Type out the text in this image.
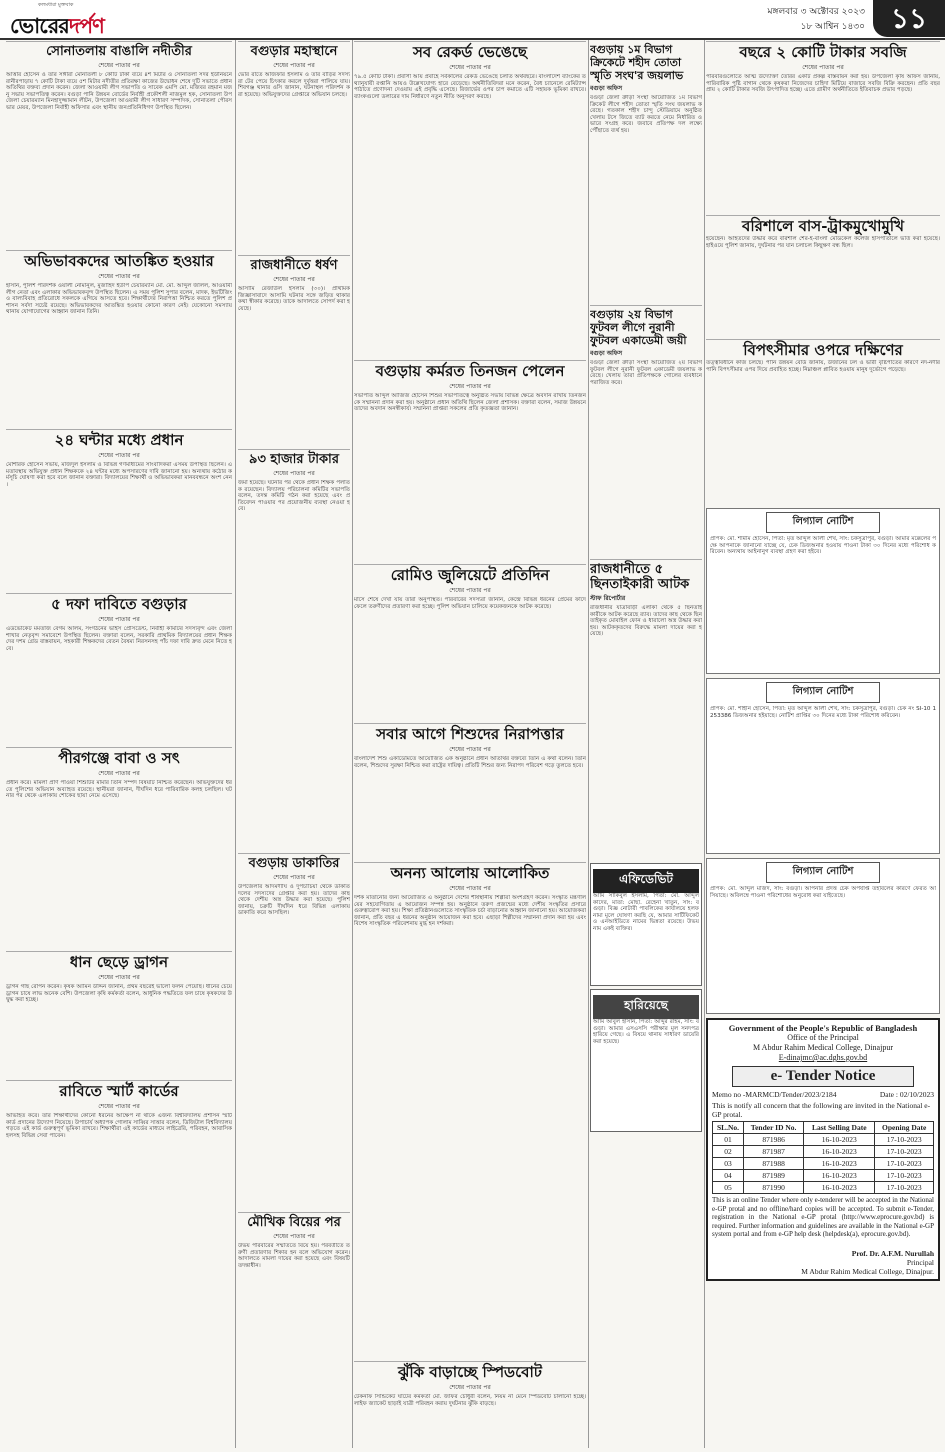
কলমধারা মুক্তবাক
ভোরেরদর্পণ
মঙ্গলবার ৩ অক্টোবর ২০২৩
১৮ আশ্বিন ১৪৩০ ১১
সোনাতলায় বাঙালি নদীতীর
শেষের পাতার পর
আত্তার হোসেন ও তার সঙ্গীরা মোনাতলী ৮ কোটি টাকা ব্যয়ে ৪শ মিটার ও সোনাতলা সদর ইউনিয়নে রানীরপাড়ায় ৭ কোটি টাকা ব্যয়ে ৫শ মিটার নদীতীর প্রতিরক্ষা কাজের উদ্বোধন শেষে দুটি সভাতে প্রধান অতিথির বক্তব্য প্রদান করেন। জেলা আওয়ামী লীগ সভাপতি ও সাবেক এমপি মো. মজিবর রহমান মজনু সভায় সভাপতিত্ব করেন। বগুড়া পানি উন্নয়ন বোর্ডের নির্বাহী প্রকৌশলী নাজমুল হক, সোনাতলা উপজেলা চেয়ারম্যান মিনহাদুজ্জামান লীটন, উপজেলা আওয়ামী লীগ সাধারণ সম্পাদক, সোনাতলা পৌরসভার মেয়র, উপজেলা নির্বাহী অফিসার এবং স্থানীয় জনপ্রতিনিধিগণ উপস্থিত ছিলেন।
অভিভাবকদের আতঙ্কিত হওয়ার
শেষের পাতার পর
হাসান, পুলিশ পরিদর্শক ওয়ালী নোমানুল, মুজাহিদ ইউপি চেয়ারম্যান মো. মো. আব্দুল জলিল, আওয়ামী লীগ নেতা এবং এলাকার অভিভাবকবৃন্দ উপস্থিত ছিলেন। এ সময় পুলিশ সুপার বলেন, মাদক, ইভটিজিং ও বাল্যবিবাহ প্রতিরোধে সকলকে এগিয়ে আসতে হবে। শিক্ষার্থীদের নিরাপত্তা নিশ্চিত করতে পুলিশ প্রশাসন সর্বদা সচেষ্ট রয়েছে। অভিভাবকদের আতঙ্কিত হওয়ার কোনো কারণ নেই। যেকোনো সমস্যায় থানায় যোগাযোগের আহ্বান জানান তিনি।
২৪ ঘন্টার মধ্যে প্রধান
শেষের পাতার পর
মোশারফ হোসেন সভায়, মজিদুল ইসলাম ও বিভিন্ন গণমাধ্যমের সাংবাদিকরা এসময় উপস্থিত ছিলেন। এমতাবস্থায় অভিযুক্ত প্রধান শিক্ষককে ২৪ ঘন্টার মধ্যে অপসারণের দাবি জানানো হয়। অন্যথায় কঠোর কর্মসূচি ঘোষণা করা হবে বলে জানান বক্তারা। বিদ্যালয়ের শিক্ষার্থী ও অভিভাবকরা মানববন্ধনে অংশ নেন।
৫ দফা দাবিতে বগুড়ার
শেষের পাতার পর
এডভোকেট মমতাজ বেগম আলম, সংগঠনের ভাইস প্রেসিডেন্ট, নির্বাহী কমিটির সদস্যবৃন্দ এবং জেলা শাখার নেতৃবৃন্দ সমাবেশে উপস্থিত ছিলেন। বক্তারা বলেন, সরকারি প্রাথমিক বিদ্যালয়ের প্রধান শিক্ষকদের দশম গ্রেড বাস্তবায়ন, সহকারী শিক্ষকদের বেতন বৈষম্য নিরসনসহ পাঁচ দফা দাবি দ্রুত মেনে নিতে হবে।
পীরগঞ্জে বাবা ও সৎ
শেষের পাতার পর
প্রধান করে। মামলা প্রাণ পাওয়া শিশুটির মামার তিনি সম্পদ বিষয়টি নিশ্চিত করেছেন। অভিযুক্তদের ধরতে পুলিশের অভিযান অব্যাহত রয়েছে। স্থানীয়রা জানান, দীর্ঘদিন ধরে পারিবারিক কলহ চলছিল। ঘটনার পর থেকে এলাকায় শোকের ছায়া নেমে এসেছে।
ধান ছেড়ে ড্রাগন
শেষের পাতার পর
ড্রাগন গাছ রোপন করেন। কৃষক আমিন উদ্দিন জানান, প্রথম বছরেই ভালো ফলন পেয়েছি। ধানের চেয়ে ড্রাগন চাষে লাভ অনেক বেশি। উপজেলা কৃষি কর্মকর্তা বলেন, আধুনিক পদ্ধতিতে ফল চাষে কৃষকদের উদ্বুদ্ধ করা হচ্ছে।
রাবিতে স্মার্ট কার্ডের
শেষের পাতার পর
অভিহিত করে। তার শিক্ষার্থীদের কোনো ধরনের আক্ষেপ না থাকে এজন্য বিশ্ববিদ্যালয় প্রশাসন স্মার্ট কার্ড প্রদানের উদ্যোগ নিয়েছে। উপাচার্য অধ্যাপক গোলাম সাব্বির সাত্তার বলেন, ডিজিটাল বিশ্ববিদ্যালয় গড়তে এই কার্ড গুরুত্বপূর্ণ ভূমিকা রাখবে। শিক্ষার্থীরা এই কার্ডের মাধ্যমে লাইব্রেরি, পরিবহন, আবাসিক হলসহ বিভিন্ন সেবা পাবেন।
বগুড়ার মহাস্থানে
শেষের পাতার পর
ভোর রাতে অজিফার ইসলাম ও তার বাড়ির সদস্যরা টের পেয়ে চিৎকার করলে দুর্বৃত্তরা পালিয়ে যায়। শিবগঞ্জ থানার ওসি জানান, ঘটনাস্থল পরিদর্শন করা হয়েছে। অভিযুক্তদের গ্রেপ্তারে অভিযান চলছে।
রাজধানীতে ধর্ষণ
শেষের পাতার পর
আসামি রেজাউল ইসলাম (৩০)। প্রাথমিক জিজ্ঞাসাবাদে আসামি ঘটনার সঙ্গে জড়িত থাকার কথা স্বীকার করেছে। তাকে আদালতে সোপর্দ করা হয়েছে।
৯৩ হাজার টাকার
শেষের পাতার পর
জমা হয়েছে। ঘটনার পর থেকে প্রধান শিক্ষক পলাতক রয়েছেন। বিদ্যালয় পরিচালনা কমিটির সভাপতি বলেন, তদন্ত কমিটি গঠন করা হয়েছে এবং প্রতিবেদন পাওয়ার পর প্রয়োজনীয় ব্যবস্থা নেওয়া হবে।
বগুড়ায় ডাকাতির
শেষের পাতার পর
উপজেলার আদমদীঘি ও দুপচাঁচিয়া থেকে ডাকাত দলের সদস্যদের গ্রেপ্তার করা হয়। তাদের কাছ থেকে দেশীয় অস্ত্র উদ্ধার করা হয়েছে। পুলিশ জানায়, চক্রটি দীর্ঘদিন ধরে বিভিন্ন এলাকায় ডাকাতি করে আসছিল।
মৌখিক বিয়ের পর
শেষের পাতার পর
উভয় পরিবারের সম্মতিতে বিয়ে হয়। পরবর্তীতে তরুণী প্রতারণার শিকার হন বলে অভিযোগ করেন। আদালতে মামলা দায়ের করা হয়েছে এবং বিষয়টি তদন্তাধীন।
সব রেকর্ড ভেঙেছে
শেষের পাতার পর
৭৯.৫ কোটি টাকা। প্রবাসী আয় প্রবাহে সর্বকালের রেকর্ড ভেঙেছে চলতি অর্থবছরে। বাংলাদেশ ব্যাংকের তথ্যানুযায়ী রপ্তানি আয়ও উল্লেখযোগ্য হারে বেড়েছে। অর্থনীতিবিদরা মনে করেন, বৈধ চ্যানেলে রেমিট্যান্স পাঠাতে প্রণোদনা দেওয়ায় এই প্রবৃদ্ধি এসেছে। রিজার্ভের ওপর চাপ কমাতে এটি সহায়ক ভূমিকা রাখবে। ব্যাংকগুলো ডলারের দাম নির্ধারণে নতুন নীতি অনুসরণ করছে।
বগুড়ায় কর্মরত তিনজন পেলেন
শেষের পাতার পর
সভাপতি আব্দুল আজিজ হোসেন শিশুর সভাপতিত্বে অনুষ্ঠিত সভায় বিভিন্ন ক্ষেত্রে অবদান রাখায় তিনজনকে সম্মাননা প্রদান করা হয়। অনুষ্ঠানে প্রধান অতিথি ছিলেন জেলা প্রশাসক। বক্তারা বলেন, সমাজ উন্নয়নে তাদের অবদান অনস্বীকার্য। সম্মাননা প্রাপ্তরা সকলের প্রতি কৃতজ্ঞতা জানান।
রোমিও জুলিয়েটে প্রতিদিন
শেষের পাতার পর
মাসে শেষে দেখা যায় তারা অনুপস্থিত। পরিবারের সদস্যরা জানান, কেন্দ্রে বিভিন্ন ধরনের প্রেমের ফাঁদে ফেলে তরুণীদের প্রতারণা করা হচ্ছে। পুলিশ অভিযান চালিয়ে কয়েকজনকে আটক করেছে।
সবার আগে শিশুদের নিরাপত্তার
শেষের পাতার পর
বাংলাদেশ শিশু একাডেমিতে আয়োজিত এক অনুষ্ঠানে প্রধান অতিথির বক্তব্যে তিনি এ কথা বলেন। তিনি বলেন, শিশুদের সুরক্ষা নিশ্চিত করা রাষ্ট্রের দায়িত্ব। প্রতিটি শিশুর জন্য নিরাপদ পরিবেশ গড়ে তুলতে হবে।
অনন্য আলোয় আলোকিত
শেষের পাতার পর
দর্শক মাতানোর জন্য আয়োজিত এ অনুষ্ঠানে দেশের শীর্ষস্থানীয় শিল্পীরা অংশগ্রহণ করেন। সংস্কৃতি মন্ত্রণালয়ের সহযোগিতায় এ আয়োজন সম্পন্ন হয়। অনুষ্ঠানে তরুণ প্রজন্মের মধ্যে দেশীয় সংস্কৃতির প্রসারে গুরুত্বারোপ করা হয়। শিক্ষা প্রতিষ্ঠানগুলোতে সাংস্কৃতিক চর্চা বাড়ানোর আহ্বান জানানো হয়। আয়োজকরা জানান, প্রতি বছর এ ধরনের অনুষ্ঠান আয়োজন করা হবে। এছাড়া শিল্পীদের সম্মাননা প্রদান করা হয় এবং বিশেষ সাংস্কৃতিক পরিবেশনায় মুগ্ধ হন দর্শকরা।
ঝুঁকি বাড়াচ্ছে স্পিডবোট
শেষের পাতার পর
টেকনাফ সিন্ডিকেট ঘাটের কর্মকর্তা মো. জাফর চৌধুরী বলেন, নিয়ম না মেনে স্পিডবোট চালানো হচ্ছে। লাইফ জ্যাকেট ছাড়াই যাত্রী পরিবহন করায় দুর্ঘটনার ঝুঁকি বাড়ছে।
বগুড়ায় ১ম বিভাগ ক্রিকেটে শহীদ তোতা স্মৃতি সংঘ'র জয়লাভ
বগুড়া অফিস
বগুড়া জেলা ক্রীড়া সংস্থা আয়োজিত ১ম বিভাগ ক্রিকেট লীগে শহীদ তোতা স্মৃতি সংঘ জয়লাভ করেছে। গতকাল শহীদ চান্দু স্টেডিয়ামে অনুষ্ঠিত খেলায় টসে জিতে ব্যাট করতে নেমে নির্ধারিত ওভারে সংগ্রহ করে। জবাবে প্রতিপক্ষ দল লক্ষ্যে পৌঁছাতে ব্যর্থ হয়।
বগুড়ায় ২য় বিভাগ ফুটবল লীগে নুরানী ফুটবল একাডেমী জয়ী
বগুড়া অফিস
বগুড়া জেলা ক্রীড়া সংস্থা আয়োজিত ২য় বিভাগ ফুটবল লীগে নুরানী ফুটবল একাডেমী জয়লাভ করেছে। খেলায় তারা প্রতিপক্ষকে গোলের ব্যবধানে পরাজিত করে।
রাজধানীতে ৫ ছিনতাইকারী আটক
স্টাফ রিপোর্টার
রাজধানীর যাত্রাবাড়ী এলাকা থেকে ৫ ছিনতাইকারীকে আটক করেছে র‍্যাব। তাদের কাছ থেকে ছিনতাইকৃত মোবাইল ফোন ও ধারালো অস্ত্র উদ্ধার করা হয়। আটককৃতদের বিরুদ্ধে মামলা দায়ের করা হয়েছে।
এফিডেভিট
আমি সাকিবুল ইসলাম, পিতা: মো. আব্দুল কাদের, মাতা: মোছা. রেহেনা খাতুন, সাং: বগুড়া। বিজ্ঞ নোটারী পাবলিকের কার্যালয়ে হলফনামা মূলে ঘোষণা করছি যে, আমার সার্টিফিকেট ও এনআইডিতে নামের ভিন্নতা রয়েছে। উভয় নাম একই ব্যক্তির।
হারিয়েছে
আমি আবুল হাসান, পিতা: আব্দুর রহিম, সাং: বগুড়া। আমার এসএসসি পরীক্ষার মূল সনদপত্র হারিয়ে গেছে। এ বিষয়ে থানায় সাধারণ ডায়েরি করা হয়েছে।
বছরে ২ কোটি টাকার সবজি
শেষের পাতার পর
পরিবারগুলোতে আত্ম উদ্যোক্তা তৈরির একটি প্রকল্প বাস্তবায়ন করা হয়। উপজেলা কৃষি অফিস জানায়, পারিবারিক পুষ্টি বাগান থেকে কৃষকরা নিজেদের চাহিদা মিটিয়ে বাজারে সবজি বিক্রি করছেন। প্রতি বছর প্রায় ২ কোটি টাকার সবজি উৎপাদিত হচ্ছে। এতে গ্রামীণ অর্থনীতিতে ইতিবাচক প্রভাব পড়ছে।
বরিশালে বাস-ট্রাকমুখোমুখি
হয়েছেন। আহতদের উদ্ধার করে বরিশাল শের-ই-বাংলা মেডিকেল কলেজ হাসপাতালে ভর্তি করা হয়েছে। হাইওয়ে পুলিশ জানায়, দুর্ঘটনার পর যান চলাচল কিছুক্ষণ বন্ধ ছিল।
বিপৎসীমার ওপরে দক্ষিণের
তত্ত্বাবধানে কাজ চলছে। পানি উন্নয়ন বোর্ড জানায়, উজানের ঢল ও ভারী বৃষ্টিপাতের কারণে নদ-নদীর পানি বিপৎসীমার ওপর দিয়ে প্রবাহিত হচ্ছে। নিম্নাঞ্চল প্লাবিত হওয়ায় মানুষ দুর্ভোগে পড়েছে।
লিগ্যাল নোটিশ
প্রাপক: মো. শামীম হোসেন, পিতা: মৃত আব্দুল আলী শেখ, সাং: চকসুত্রাপুর, বগুড়া। আমার মক্কেলের পক্ষে আপনাকে জানানো যাচ্ছে যে, চেক ডিজঅনার হওয়ায় পাওনা টাকা ৩০ দিনের মধ্যে পরিশোধ করিবেন। অন্যথায় আইনানুগ ব্যবস্থা গ্রহণ করা হইবে।
লিগ্যাল নোটিশ
প্রাপক: মো. শাহীন হোসেন, পিতা: মৃত আব্দুল আলী শেখ, সাং: চকসুত্রাপুর, বগুড়া। চেক নং SI-10 1253386 ডিজঅনার হইয়াছে। নোটিশ প্রাপ্তির ৩০ দিনের মধ্যে টাকা পরিশোধ করিবেন।
লিগ্যাল নোটিশ
প্রাপক: মো. আব্দুল মজিদ, সাং: বগুড়া। আপনার প্রদত্ত চেক অপর্যাপ্ত তহবিলের কারণে ফেরত আসিয়াছে। অবিলম্বে পাওনা পরিশোধের অনুরোধ করা যাইতেছে।
Government of the People's Republic of Bangladesh
Office of the Principal
M Abdur Rahim Medical College, Dinajpur
E-dinajmc@ac.dghs.gov.bd
e- Tender Notice
Memo no -MARMCD/Tender/2023/2184	Date : 02/10/2023
This is notify all concern that the following are invited in the National e-GP protal.
SL.No.	Tender ID No.	Last Selling Date	Opening Date
01	871986	16-10-2023	17-10-2023
02	871987	16-10-2023	17-10-2023
03	871988	16-10-2023	17-10-2023
04	871989	16-10-2023	17-10-2023
05	871990	16-10-2023	17-10-2023
This is an online Tender where only e-tenderer will be accepted in the National e-GP protal and no offline/hard copies will be accepted. To submit e-Tender, registration in the National e-GP protal (http://www.eprocure.gov.bd) is required. Further information and guidelines are available in the National e-GP system portal and from e-GP help desk (helpdesk(a), eprocure.gov.bd).
Prof. Dr. A.F.M. Nurullah
Principal
M Abdur Rahim Medical College, Dinajpur.
